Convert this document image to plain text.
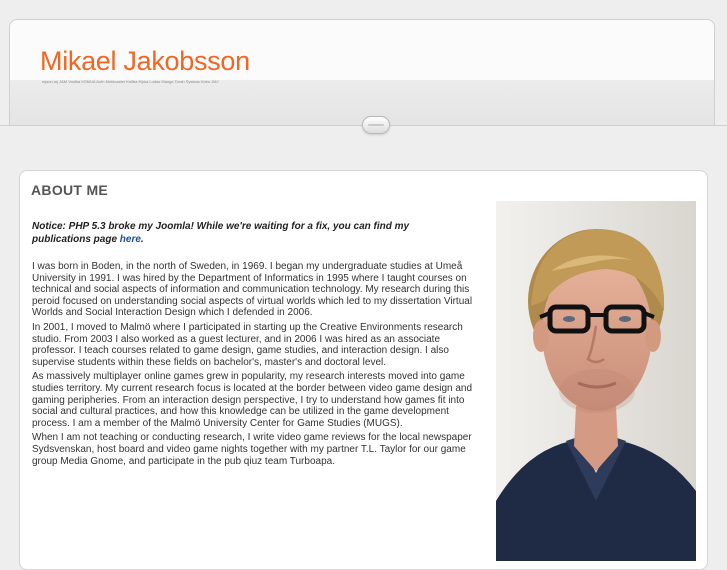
Mikael Jakobsson
mjson.mj JAM Vosfka KSMUA Aufn Moblcaster Kellba Klyka Ludas Mange Torah Sysleas Kdes JMJ
ABOUT ME
Notice: PHP 5.3 broke my Joomla! While we're waiting for a fix, you can find my publications page here.

I was born in Boden, in the north of Sweden, in 1969. I began my undergraduate studies at Umeå University in 1991. I was hired by the Department of Informatics in 1995 where I taught courses on technical and social aspects of information and communication technology. My research during this peroid focused on understanding social aspects of virtual worlds which led to my dissertation Virtual Worlds and Social Interaction Design which I defended in 2006.

In 2001, I moved to Malmö where I participated in starting up the Creative Environments research studio. From 2003 I also worked as a guest lecturer, and in 2006 I was hired as an associate professor. I teach courses related to game design, game studies, and interaction design. I also supervise students within these fields on bachelor's, master's and doctoral level.

As massively multiplayer online games grew in popularity, my research interests moved into game studies territory. My current research focus is located at the border between video game design and gaming peripheries. From an interaction design perspective, I try to understand how games fit into social and cultural practices, and how this knowledge can be utilized in the game development process. I am a member of the Malmö University Center for Game Studies (MUGS).

When I am not teaching or conducting research, I write video game reviews for the local newspaper Sydsvenskan, host board and video game nights together with my partner T.L. Taylor for our game group Media Gnome, and participate in the pub qiuz team Turboapa.
